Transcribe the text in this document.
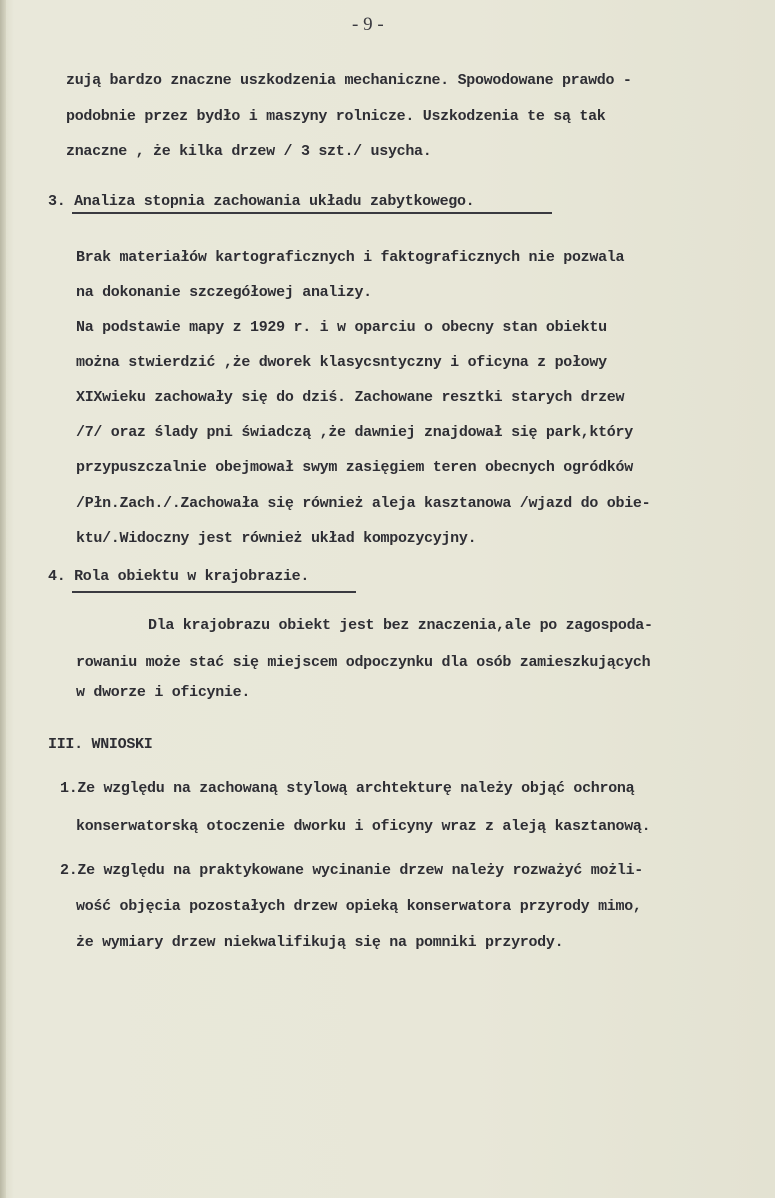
- 9 -
zują bardzo znaczne uszkodzenia mechaniczne. Spowodowane prawdo -
podobnie przez bydło i maszyny rolnicze. Uszkodzenia te są tak
znaczne , że kilka drzew / 3 szt./ usycha.
3. Analiza stopnia zachowania układu zabytkowego.
Brak materiałów kartograficznych i faktograficznych nie pozwala
na dokonanie szczegółowej analizy.
Na podstawie mapy z 1929 r. i w oparciu o obecny stan obiektu
można stwierdzić ,że dworek klasycsntyczny i oficyna z połowy
XIXwieku zachowały się do dziś. Zachowane resztki starych drzew
/7/ oraz ślady pni świadczą ,że dawniej znajdował się park,który
przypuszczalnie obejmował swym zasięgiem teren obecnych ogródków
/Płn.Zach./.Zachowała się również aleja kasztanowa /wjazd do obie-
ktu/.Widoczny jest również układ kompozycyjny.
4. Rola obiektu w krajobrazie.
Dla krajobrazu obiekt jest bez znaczenia,ale po zagospoda-
rowaniu może stać się miejscem odpoczynku dla osób zamieszkujących
w dworze i oficynie.
III. WNIOSKI
1.Ze względu na zachowaną stylową archtekturę należy objąć ochroną
konserwatorską otoczenie dworku i oficyny wraz z aleją kasztanową.
2.Ze względu na praktykowane wycinanie drzew należy rozważyć możli-
wość objęcia pozostałych drzew opieką konserwatora przyrody mimo,
że wymiary drzew niekwalifikują się na pomniki przyrody.
